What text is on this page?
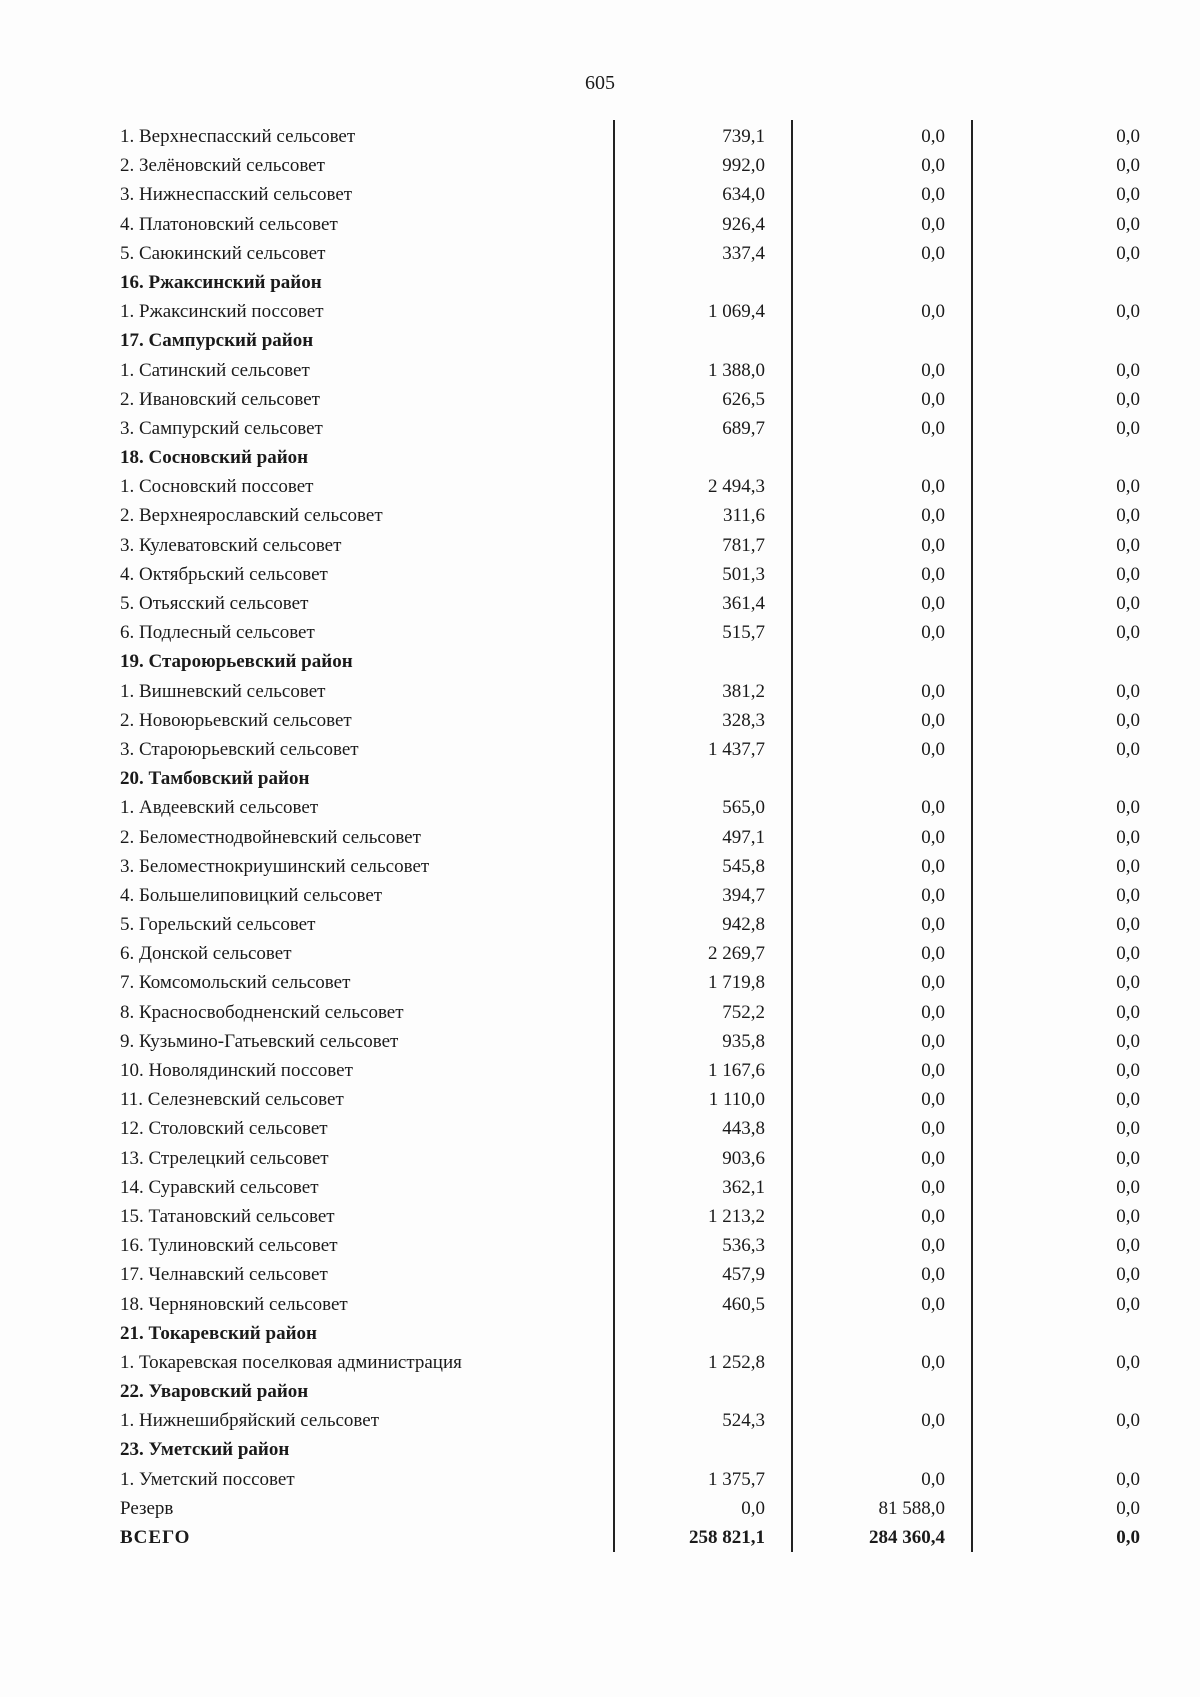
605
1. Верхнеспасский сельсовет	739,1	0,0	0,0
2. Зелёновский сельсовет	992,0	0,0	0,0
3. Нижнеспасский сельсовет	634,0	0,0	0,0
4. Платоновский сельсовет	926,4	0,0	0,0
5. Саюкинский сельсовет	337,4	0,0	0,0
16. Ржаксинский район
1. Ржаксинский поссовет	1 069,4	0,0	0,0
17. Сампурский район
1. Сатинский сельсовет	1 388,0	0,0	0,0
2. Ивановский сельсовет	626,5	0,0	0,0
3. Сампурский сельсовет	689,7	0,0	0,0
18. Сосновский район
1. Сосновский поссовет	2 494,3	0,0	0,0
2. Верхнеярославский сельсовет	311,6	0,0	0,0
3. Кулеватовский сельсовет	781,7	0,0	0,0
4. Октябрьский сельсовет	501,3	0,0	0,0
5. Отьясский сельсовет	361,4	0,0	0,0
6. Подлесный сельсовет	515,7	0,0	0,0
19. Староюрьевский район
1. Вишневский сельсовет	381,2	0,0	0,0
2. Новоюрьевский сельсовет	328,3	0,0	0,0
3. Староюрьевский сельсовет	1 437,7	0,0	0,0
20. Тамбовский район
1. Авдеевский сельсовет	565,0	0,0	0,0
2. Беломестнодвойневский сельсовет	497,1	0,0	0,0
3. Беломестнокриушинский сельсовет	545,8	0,0	0,0
4. Большелиповицкий сельсовет	394,7	0,0	0,0
5. Горельский сельсовет	942,8	0,0	0,0
6. Донской сельсовет	2 269,7	0,0	0,0
7. Комсомольский сельсовет	1 719,8	0,0	0,0
8. Красносвободненский сельсовет	752,2	0,0	0,0
9. Кузьмино-Гатьевский сельсовет	935,8	0,0	0,0
10. Новолядинский поссовет	1 167,6	0,0	0,0
11. Селезневский сельсовет	1 110,0	0,0	0,0
12. Столовский сельсовет	443,8	0,0	0,0
13. Стрелецкий сельсовет	903,6	0,0	0,0
14. Суравский сельсовет	362,1	0,0	0,0
15. Татановский сельсовет	1 213,2	0,0	0,0
16. Тулиновский сельсовет	536,3	0,0	0,0
17. Челнавский сельсовет	457,9	0,0	0,0
18. Черняновский сельсовет	460,5	0,0	0,0
21. Токаревский район
1. Токаревская поселковая администрация	1 252,8	0,0	0,0
22. Уваровский район
1. Нижнешибряйский сельсовет	524,3	0,0	0,0
23. Уметский район
1. Уметский поссовет	1 375,7	0,0	0,0
Резерв	0,0	81 588,0	0,0
ВСЕГО	258 821,1	284 360,4	0,0
